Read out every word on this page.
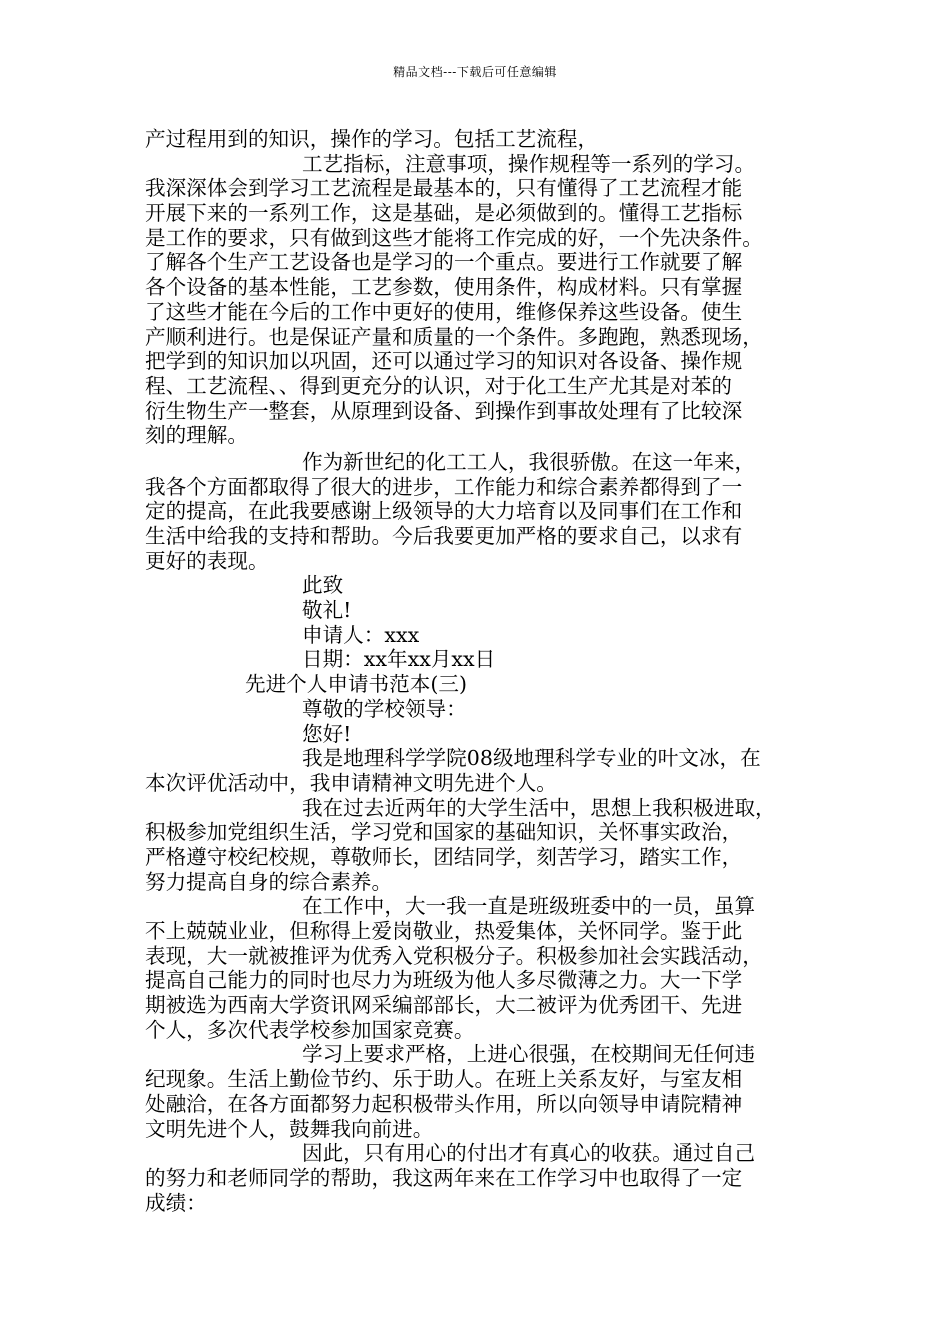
精品文档---下载后可任意编辑
产过程用到的知识，操作的学习。包括工艺流程，
工艺指标，注意事项，操作规程等一系列的学习。
我深深体会到学习工艺流程是最基本的，只有懂得了工艺流程才能
开展下来的一系列工作，这是基础，是必须做到的。懂得工艺指标
是工作的要求，只有做到这些才能将工作完成的好，一个先决条件。
了解各个生产工艺设备也是学习的一个重点。要进行工作就要了解
各个设备的基本性能，工艺参数，使用条件，构成材料。只有掌握
了这些才能在今后的工作中更好的使用，维修保养这些设备。使生
产顺利进行。也是保证产量和质量的一个条件。多跑跑，熟悉现场，
把学到的知识加以巩固，还可以通过学习的知识对各设备、操作规
程、工艺流程、、得到更充分的认识，对于化工生产尤其是对苯的
衍生物生产一整套，从原理到设备、到操作到事故处理有了比较深
刻的理解。
作为新世纪的化工工人，我很骄傲。在这一年来，
我各个方面都取得了很大的进步，工作能力和综合素养都得到了一
定的提高，在此我要感谢上级领导的大力培育以及同事们在工作和
生活中给我的支持和帮助。今后我要更加严格的要求自己，以求有
更好的表现。
此致
敬礼!
申请人：xxx
日期：xx年xx月xx日
先进个人申请书范本(三)
尊敬的学校领导：
您好!
我是地理科学学院08级地理科学专业的叶文冰，在
本次评优活动中，我申请精神文明先进个人。
我在过去近两年的大学生活中，思想上我积极进取，
积极参加党组织生活，学习党和国家的基础知识，关怀事实政治，
严格遵守校纪校规，尊敬师长，团结同学，刻苦学习，踏实工作，
努力提高自身的综合素养。
在工作中，大一我一直是班级班委中的一员，虽算
不上兢兢业业，但称得上爱岗敬业，热爱集体，关怀同学。鉴于此
表现，大一就被推评为优秀入党积极分子。积极参加社会实践活动，
提高自己能力的同时也尽力为班级为他人多尽微薄之力。大一下学
期被选为西南大学资讯网采编部部长，大二被评为优秀团干、先进
个人，多次代表学校参加国家竞赛。
学习上要求严格，上进心很强，在校期间无任何违
纪现象。生活上勤俭节约、乐于助人。在班上关系友好，与室友相
处融洽，在各方面都努力起积极带头作用，所以向领导申请院精神
文明先进个人，鼓舞我向前进。
因此，只有用心的付出才有真心的收获。通过自己
的努力和老师同学的帮助，我这两年来在工作学习中也取得了一定
成绩：
